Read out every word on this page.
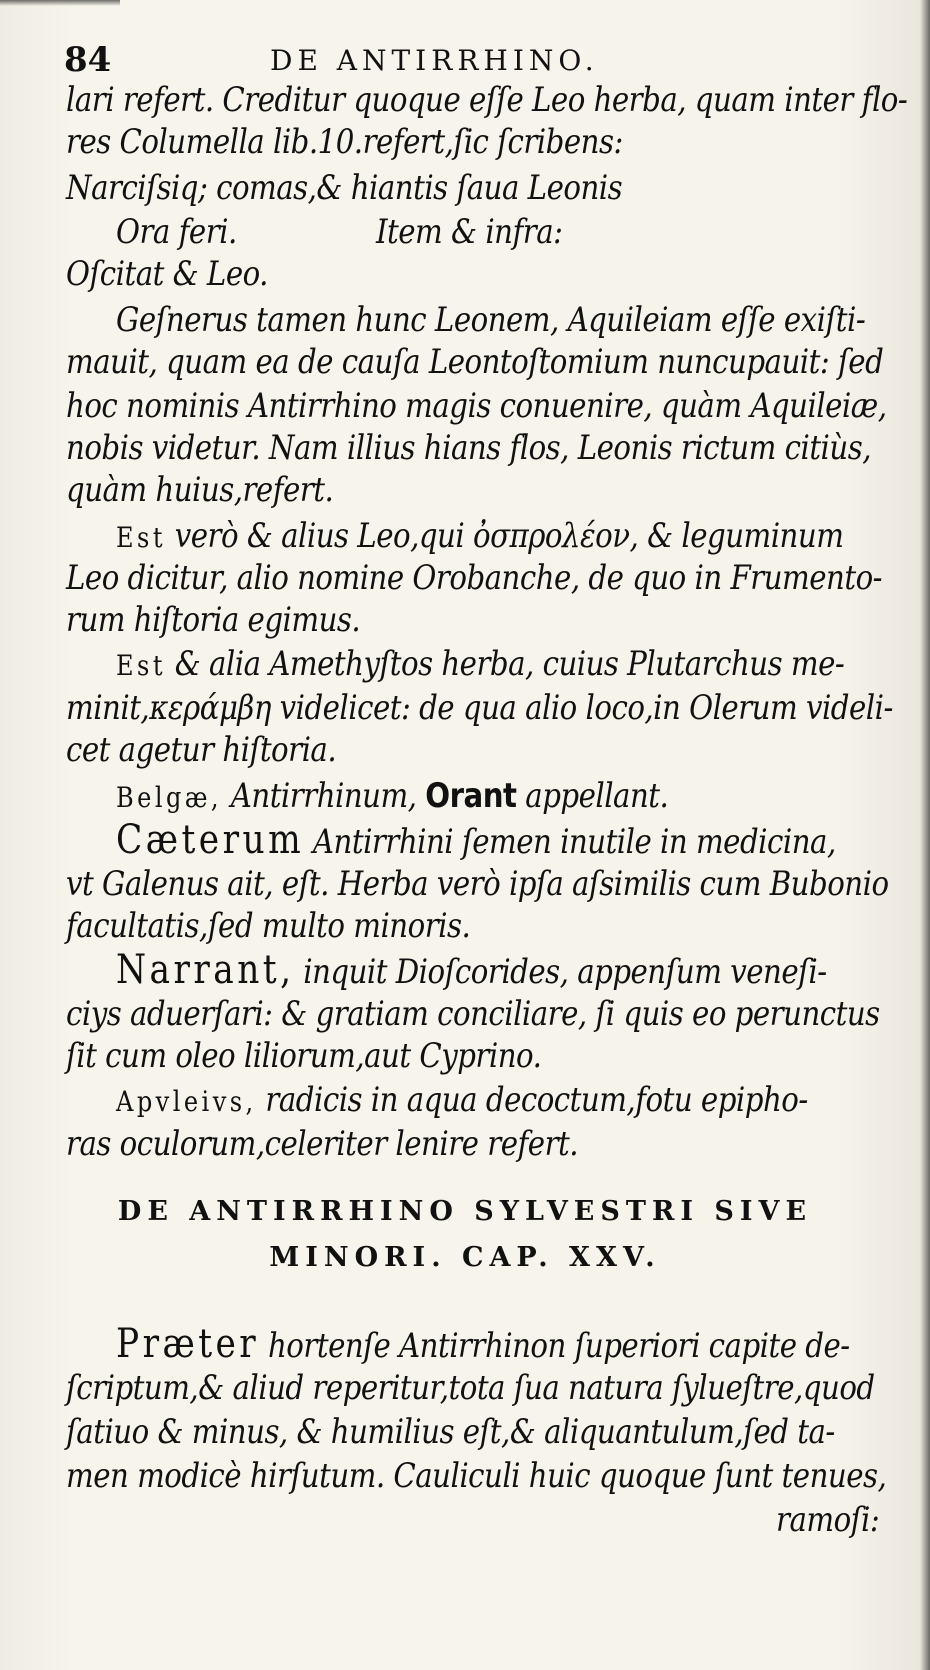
84	DE ANTIRRHINO.
lari refert. Creditur quoque eſſe Leo herba, quam inter flo-
res Columella lib.10.refert,ſic ſcribens:
Narciſsiq; comas,& hiantis ſaua Leonis
Ora feri.	Item & infra:
Oſcitat & Leo.
Geſnerus tamen hunc Leonem, Aquileiam eſſe exiſti-
mauit, quam ea de cauſa Leontoſtomium nuncupauit: ſed
hoc nominis Antirrhino magis conuenire, quàm Aquileiæ,
nobis videtur. Nam illius hians flos, Leonis rictum citiùs,
quàm huius,refert.
Est verò & alius Leo,qui ὀσπρολέον, & leguminum
Leo dicitur, alio nomine Orobanche, de quo in Frumento-
rum hiſtoria egimus.
Est & alia Amethyſtos herba, cuius Plutarchus me-
minit,κεράμβη videlicet: de qua alio loco,in Olerum videli-
cet agetur hiſtoria.
Belgæ, Antirrhinum, Orant appellant.
Cæterum Antirrhini ſemen inutile in medicina,
vt Galenus ait, eſt. Herba verò ipſa aſsimilis cum Bubonio
facultatis,ſed multo minoris.
Narrant, inquit Dioſcorides, appenſum veneſi-
ciys aduerſari: & gratiam conciliare, ſi quis eo perunctus
ſit cum oleo liliorum,aut Cyprino.
Apvleivs, radicis in aqua decoctum,fotu epipho-
ras oculorum,celeriter lenire refert.
DE ANTIRRHINO SYLVESTRI SIVE
MINORI. CAP. XXV.
Præter hortenſe Antirrhinon ſuperiori capite de-
ſcriptum,& aliud reperitur,tota ſua natura ſylueſtre,quod
ſatiuo & minus, & humilius eſt,& aliquantulum,ſed ta-
men modicè hirſutum. Cauliculi huic quoque ſunt tenues,
ramoſi:
